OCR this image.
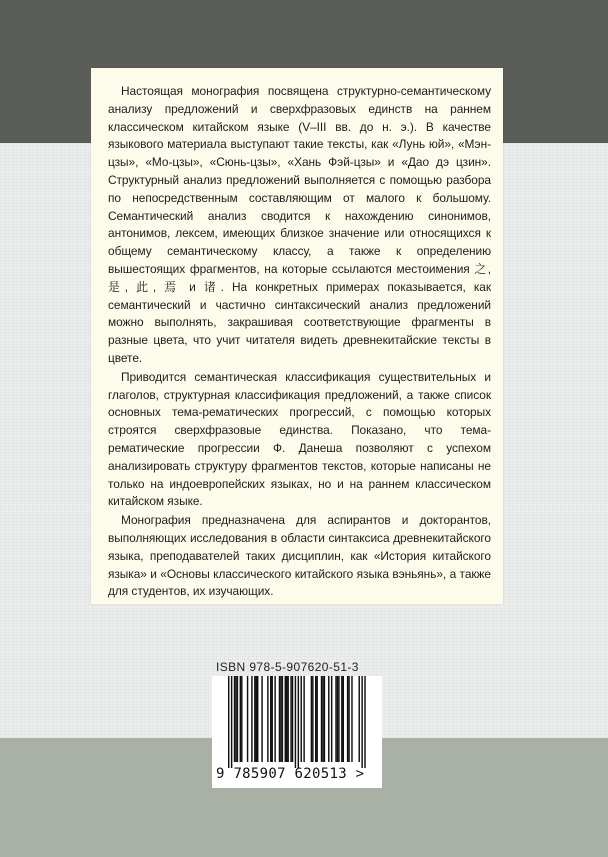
Настоящая монография посвящена структурно-семантическому анализу предложений и сверхфразовых единств на раннем классическом китайском языке (V–III вв. до н. э.). В качестве языкового материала выступают такие тексты, как «Лунь юй», «Мэн-цзы», «Мо-цзы», «Сюнь-цзы», «Хань Фэй-цзы» и «Дао дэ цзин». Структурный анализ предложений выполняется с помощью разбора по непосредственным составляющим от малого к большому. Семантический анализ сводится к нахождению синонимов, антонимов, лексем, имеющих близкое значение или относящихся к общему семантическому классу, а также к определению вышестоящих фрагментов, на которые ссылаются местоимения 之, 是, 此, 焉 и 诸. На конкретных примерах показывается, как семантический и частично синтаксический анализ предложений можно выполнять, закрашивая соответствующие фрагменты в разные цвета, что учит читателя видеть древнекитайские тексты в цвете.

Приводится семантическая классификация существительных и глаголов, структурная классификация предложений, а также список основных тема-рематических прогрессий, с помощью которых строятся сверхфразовые единства. Показано, что тема-рематические прогрессии Ф. Данеша позволяют с успехом анализировать структуру фрагментов текстов, которые написаны не только на индоевропейских языках, но и на раннем классическом китайском языке.

Монография предназначена для аспирантов и докторантов, выполняющих исследования в области синтаксиса древнекитайского языка, преподавателей таких дисциплин, как «История китайского языка» и «Основы классического китайского языка вэньянь», а также для студентов, их изучающих.

ISBN 978-5-907620-51-3
9 785907 620513 >
